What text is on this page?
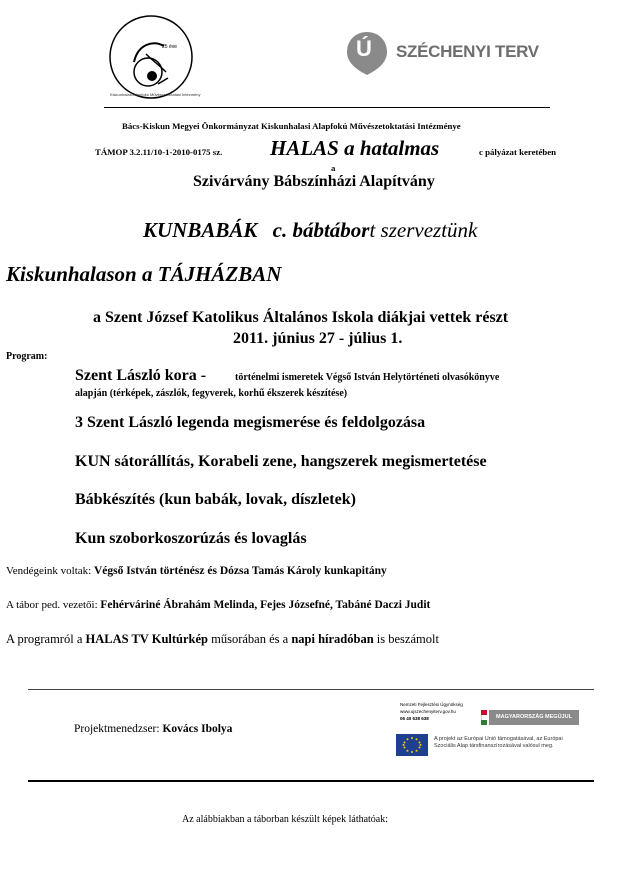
25 éve
Kiskunhalasi Alapfokú Művészetoktatási Intézmény
Ú SZÉCHENYI TERV
Bács-Kiskun Megyei Önkormányzat Kiskunhalasi Alapfokú Művészetoktatási Intézménye
TÁMOP 3.2.11/10-1-2010-0175 sz. HALAS a hatalmas	c pályázat keretében
a
Szivárvány Bábszínházi Alapítvány
KUNBABÁK c. bábtábort szerveztünk
Kiskunhalason a TÁJHÁZBAN
a Szent József Katolikus Általános Iskola diákjai vettek részt
2011. június 27 - július 1.
Program:
Szent László kora -	történelmi ismeretek Végső István Helytörténeti olvasókönyve
alapján (térképek, zászlók, fegyverek, korhű ékszerek készítése)
3 Szent László legenda megismerése és feldolgozása
KUN sátorállítás, Korabeli zene, hangszerek megismertetése
Bábkészítés (kun babák, lovak, díszletek)
Kun szoborkoszorúzás és lovaglás
Vendégeink voltak: Végső István történész és Dózsa Tamás Károly kunkapitány
A tábor ped. vezetői: Fehérváriné Ábrahám Melinda, Fejes Józsefné, Tabáné Daczi Judit
A programról a HALAS TV Kultúrkép műsorában és a napi híradóban is beszámolt
Projektmenedzser: Kovács Ibolya
Nemzeti Fejlesztési Ügynökség
www.ujszechenyiterv.gov.hu
06 40 638 638	MAGYARORSZÁG MEGÚJUL
A projekt az Európai Unió támogatásával, az Európai Szociális Alap társfinanszírozásával valósul meg.
Az alábbiakban a táborban készült képek láthatóak:
